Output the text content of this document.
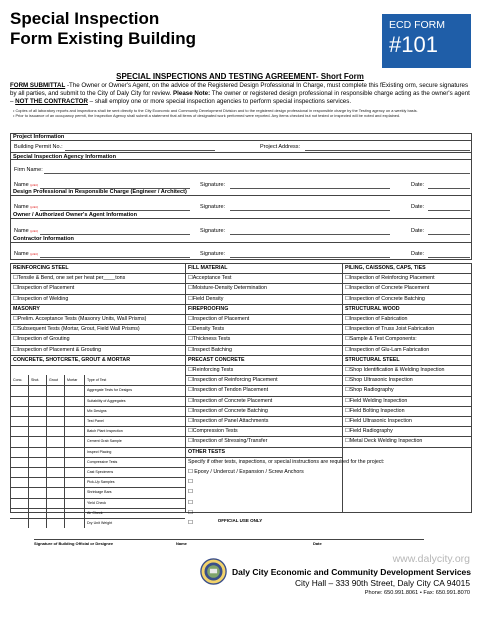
Special Inspection
Form Existing Building
ECD FORM
#101
SPECIAL INSPECTIONS AND TESTING AGREEMENT- Short Form
FORM SUBMITTAL -The Owner or Owner's Agent, on the advice of the Registered Design Professional In Charge, must complete this fExisting orm, secure signatures by all parties, and submit to the City of Daly City for review. Please Note: The owner or registered design professional in responsible charge acting as the owner's agent – NOT THE CONTRACTOR – shall employ one or more special inspection agencies to perform special inspections services.
• Copies of all laboratory reports and inspections shall be sent directly to the City Economic and Community Development Division and to the registered design professional in responsible charge by the Testing agency on a weekly basis.
• Prior to issuance of an occupancy permit, the Inspection Agency shall submit a statement that all items of designated work performed were reported. Any items checked but not tested or inspected will be noted and explained.
Project Information
Building Permit No.:	Project Address:
Special Inspection Agency Information
Firm Name:
Name (print)	Signature:	Date:
Design Professional in Responsible Charge (Engineer / Architect)
Name (print)	Signature:	Date:
Owner / Authorized Owner's Agent Information
Name (print)	Signature:	Date:
Contractor Information
Name (print)	Signature:	Date:
REINFORCING STEEL
☐Tensile & Bend, one set per heat per____tons
☐Inspection of Placement
☐Inspection of Welding
MASONRY
☐Prelim. Acceptance Tests (Masonry Units, Wall Prisms)
☐Subsequent Tests (Mortar, Grout, Field Wall Prisms)
☐Inspection of Grouting
☐Inspection of Placement & Grouting
CONCRETE, SHOTCRETE, GROUT & MORTAR
FILL MATERIAL
☐Acceptance Test
☐Moisture-Density Determination
☐Field Density
FIREPROOFING
☐Inspection of Placement
☐Density Tests
☐Thickness Tests
☐Inspect Batching
PRECAST CONCRETE
☐Reinforcing Tests
☐Inspection of Reinforcing Placement
☐Inspection of Tendon Placement
☐Inspection of Concrete Placement
☐Inspection of Concrete Batching
☐Inspection of Panel Attachments
☐Compression Tests
☐Inspection of Stressing/Transfer
OTHER TESTS
PILING, CAISSONS, CAPS, TIES
☐Inspection of Reinforcing Placement
☐Inspection of Concrete Placement
☐Inspection of Concrete Batching
STRUCTURAL WOOD
☐Inspection of Fabrication
☐Inspection of Truss Joist Fabrication
☐Sample & Test Components:
☐Inspection of Glu-Lam Fabrication
STRUCTURAL STEEL
☐Shop Identification & Welding Inspection
☐Shop Ultrasonic Inspection
☐Shop Radiography
☐Field Welding Inspection
☐Field Bolting Inspection
☐Field Ultrasonic Inspection
☐Field Radiography
☐Metal Deck Welding Inspection
Specify if other tests, inspections, or special instructions are required for the project:
☐ Epoxy / Undercut / Expansion / Screw Anchors
☐
☐
☐
☐
☐
Conc. Shot.	Grout	Mortar	Type of Test
Aggregate Tests for Designs
Suitability of Aggregates
Mix Designs
Test Panel
Batch Plant Inspection
Cement Grab Sample
Inspect Placing
Compressive Tests
Cast Specimens
Pick-Up Samples
Shrinkage Bars
Yield Check
Air Check
Dry Unit Weight	OFFICIAL USE ONLY
Signature of Building Official or Designee	Name	Date
www.dalycity.org
Daly City Economic and Community Development Services
City Hall – 333 90th Street, Daly City CA 94015
Phone: 650.991.8061 • Fax: 650.991.8070
